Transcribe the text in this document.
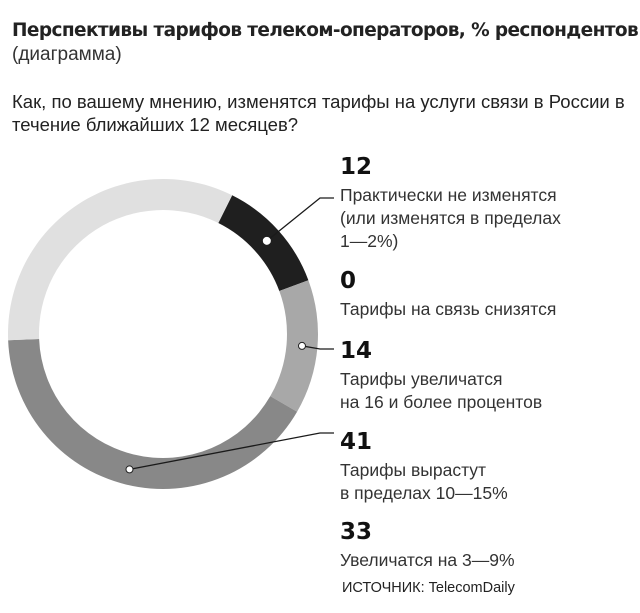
Перспективы тарифов телеком-операторов, % респондентов
(диаграмма)
Как, по вашему мнению, изменятся тарифы на услуги связи в России в течение ближайших 12 месяцев?
12
Практически не изменятся
(или изменятся в пределах
1—2%)
0
Тарифы на связь снизятся
14
Тарифы увеличатся
на 16 и более процентов
41
Тарифы вырастут
в пределах 10—15%
33
Увеличатся на 3—9%
ИСТОЧНИК: TelecomDaily
